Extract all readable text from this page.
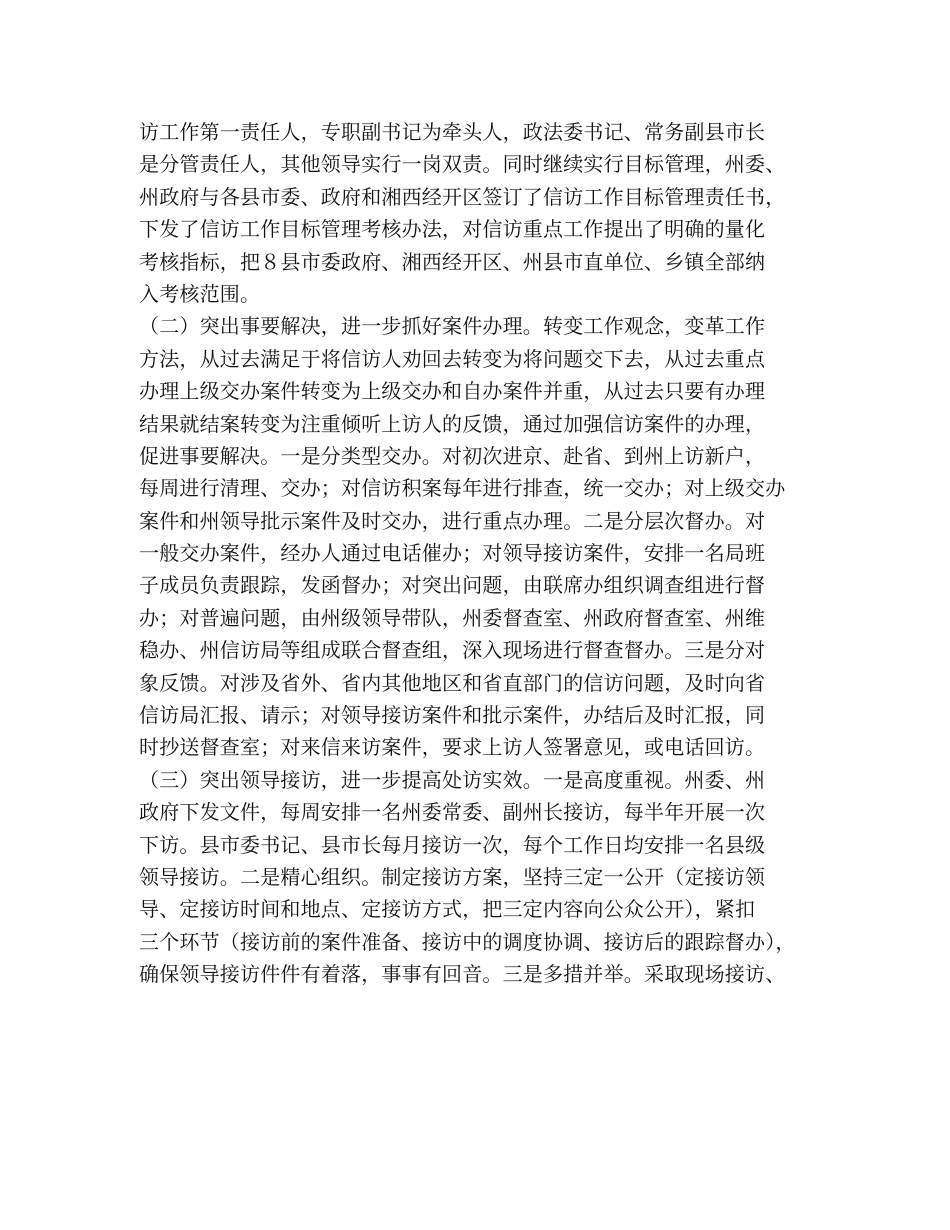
访工作第一责任人，专职副书记为牵头人，政法委书记、常务副县市长
是分管责任人，其他领导实行一岗双责。同时继续实行目标管理，州委、
州政府与各县市委、政府和湘西经开区签订了信访工作目标管理责任书，
下发了信访工作目标管理考核办法，对信访重点工作提出了明确的量化
考核指标，把８县市委政府、湘西经开区、州县市直单位、乡镇全部纳
入考核范围。
（二）突出事要解决，进一步抓好案件办理。转变工作观念，变革工作
方法，从过去满足于将信访人劝回去转变为将问题交下去，从过去重点
办理上级交办案件转变为上级交办和自办案件并重，从过去只要有办理
结果就结案转变为注重倾听上访人的反馈，通过加强信访案件的办理，
促进事要解决。一是分类型交办。对初次进京、赴省、到州上访新户，
每周进行清理、交办；对信访积案每年进行排查，统一交办；对上级交办
案件和州领导批示案件及时交办，进行重点办理。二是分层次督办。对
一般交办案件，经办人通过电话催办；对领导接访案件，安排一名局班
子成员负责跟踪，发函督办；对突出问题，由联席办组织调查组进行督
办；对普遍问题，由州级领导带队，州委督查室、州政府督查室、州维
稳办、州信访局等组成联合督查组，深入现场进行督查督办。三是分对
象反馈。对涉及省外、省内其他地区和省直部门的信访问题，及时向省
信访局汇报、请示；对领导接访案件和批示案件，办结后及时汇报，同
时抄送督查室；对来信来访案件，要求上访人签署意见，或电话回访。
（三）突出领导接访，进一步提高处访实效。一是高度重视。州委、州
政府下发文件，每周安排一名州委常委、副州长接访，每半年开展一次
下访。县市委书记、县市长每月接访一次，每个工作日均安排一名县级
领导接访。二是精心组织。制定接访方案，坚持三定一公开（定接访领
导、定接访时间和地点、定接访方式，把三定内容向公众公开），紧扣
三个环节（接访前的案件准备、接访中的调度协调、接访后的跟踪督办），
确保领导接访件件有着落，事事有回音。三是多措并举。采取现场接访、
